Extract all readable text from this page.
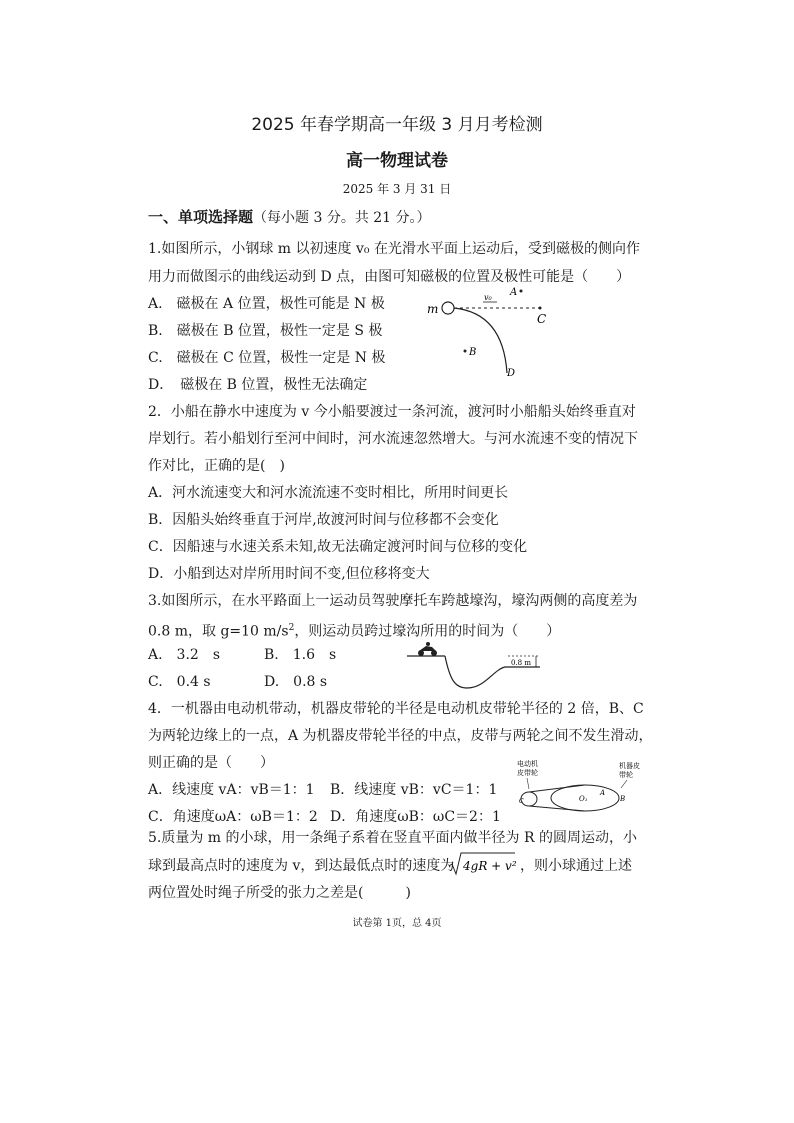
2025 年春学期高一年级 3 月月考检测
高一物理试卷
2025 年 3 月 31 日
一、单项选择题（每小题 3 分。共 21 分。）
1.如图所示，小钢球 m 以初速度 v₀ 在光滑水平面上运动后，受到磁极的侧向作
用力而做图示的曲线运动到 D 点，由图可知磁极的位置及极性可能是（　　）
A.　磁极在 A 位置，极性可能是 N 极
B.　磁极在 B 位置，极性一定是 S 极
C.　磁极在 C 位置，极性一定是 N 极
D．　磁极在 B 位置，极性无法确定
m
v₀ A
B
C
D
2．小船在静水中速度为 v 今小船要渡过一条河流，渡河时小船船头始终垂直对
岸划行。若小船划行至河中间时，河水流速忽然增大。与河水流速不变的情况下
作对比，正确的是(　)
A．河水流速变大和河水流流速不变时相比，所用时间更长
B．因船头始终垂直于河岸,故渡河时间与位移都不会变化
C．因船速与水速关系未知,故无法确定渡河时间与位移的变化
D．小船到达对岸所用时间不变,但位移将变大
3.如图所示，在水平路面上一运动员驾驶摩托车跨越壕沟，壕沟两侧的高度差为
0.8 m，取 g=10 $m/s^2$，则运动员跨过壕沟所用的时间为（　　）
A.　3.2　s	B.　1.6　s
C.　0.4 s	D.　0.8 s
0.8 m
4．一机器由电动机带动，机器皮带轮的半径是电动机皮带轮半径的 2 倍，B、C
为两轮边缘上的一点，A 为机器皮带轮半径的中点，皮带与两轮之间不发生滑动，
则正确的是（　　）
A．线速度 vA：vB＝1：1 B．线速度 vB：vC＝1：1
C．角速度ωA：ωB＝1：2 D．角速度ωB：ωC＝2：1
电动机
皮带轮
机器皮
带轮
C	O₁
A
B
5.质量为 m 的小球，用一条绳子系着在竖直平面内做半径为 R 的圆周运动，小
球到最高点时的速度为 v，到达最低点时的速度为 4gR + v² ，则小球通过上述
两位置处时绳子所受的张力之差是(　　　)
试卷第 1页，总 4页
